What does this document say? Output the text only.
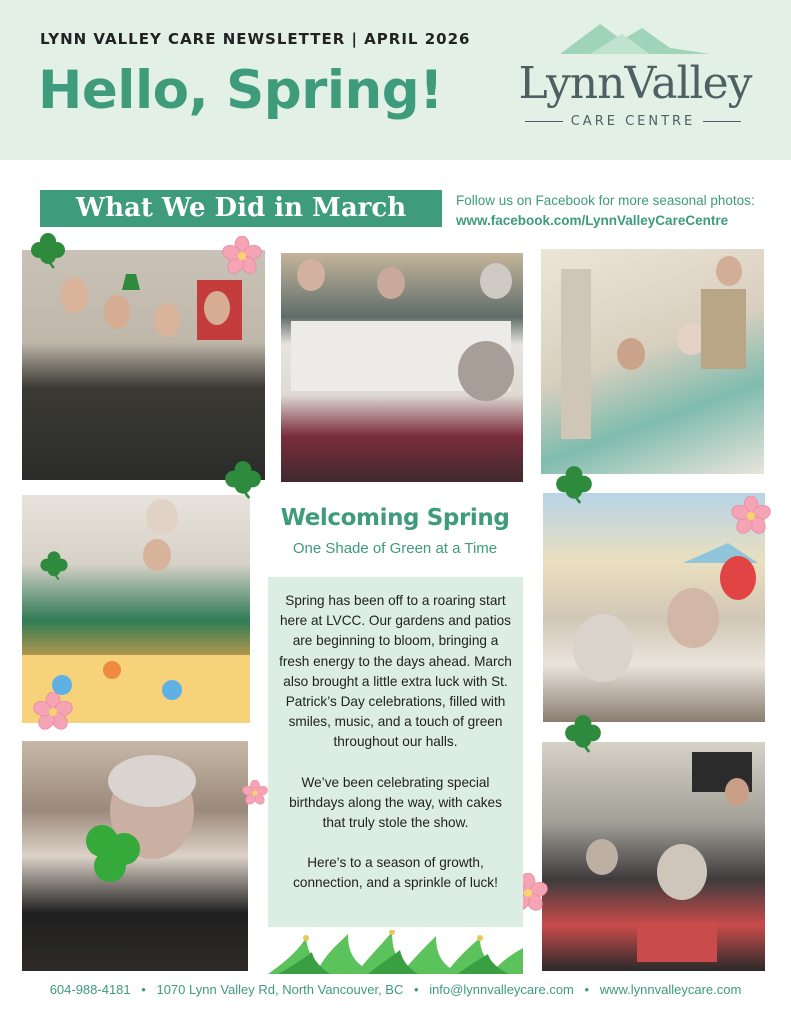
LYNN VALLEY CARE NEWSLETTER | APRIL 2026
Hello, Spring!	LynnValley
CARE CENTRE
What We Did in March	Follow us on Facebook for more seasonal photos:
www.facebook.com/LynnValleyCareCentre
Welcoming Spring
One Shade of Green at a Time

Spring has been off to a roaring start here at LVCC. Our gardens and patios are beginning to bloom, bringing a fresh energy to the days ahead. March also brought a little extra luck with St. Patrick’s Day celebrations, filled with smiles, music, and a touch of green throughout our halls.

We’ve been celebrating special birthdays along the way, with cakes that truly stole the show.

Here’s to a season of growth, connection, and a sprinkle of luck!

604-988-4181 • 1070 Lynn Valley Rd, North Vancouver, BC • info@lynnvalleycare.com • www.lynnvalleycare.com
